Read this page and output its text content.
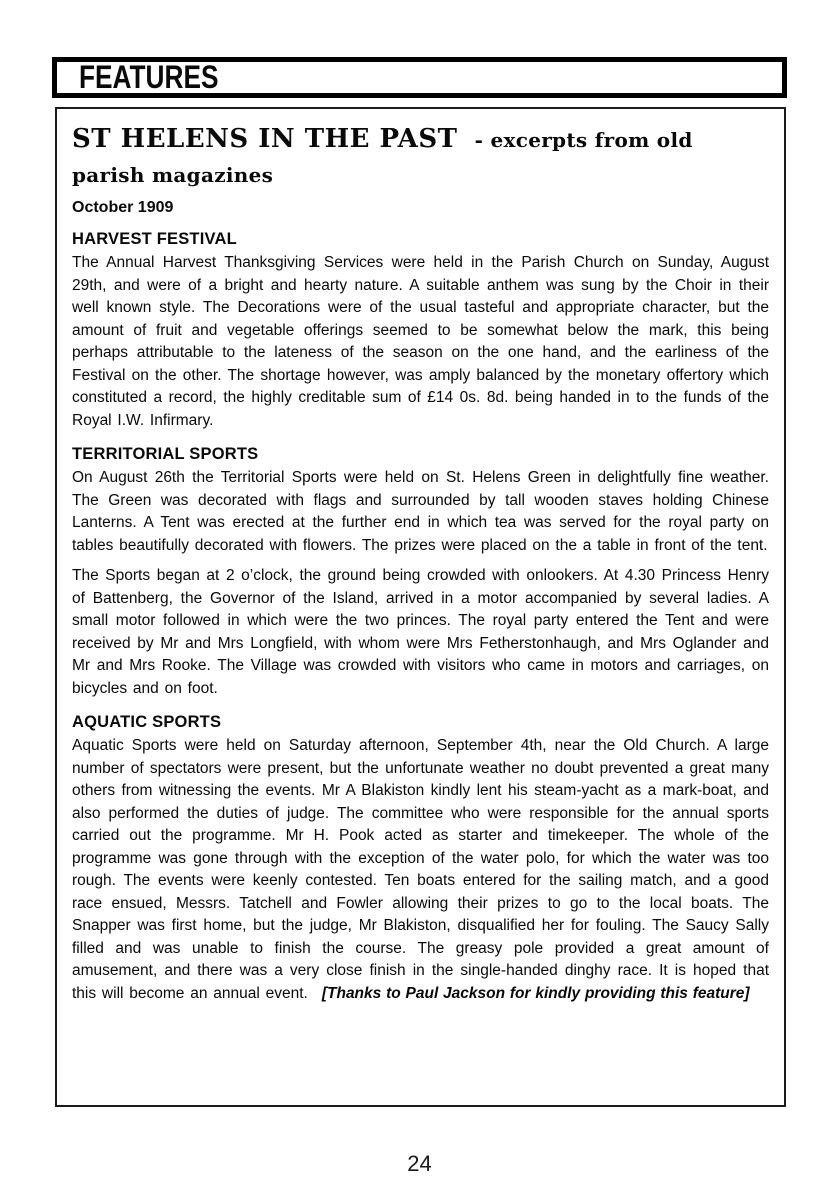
FEATURES
ST HELENS IN THE PAST - excerpts from old parish magazines

October 1909

HARVEST FESTIVAL

The Annual Harvest Thanksgiving Services were held in the Parish Church on Sunday, August 29th, and were of a bright and hearty nature. A suitable anthem was sung by the Choir in their well known style. The Decorations were of the usual tasteful and appropriate character, but the amount of fruit and vegetable offerings seemed to be somewhat below the mark, this being perhaps attributable to the lateness of the season on the one hand, and the earliness of the Festival on the other. The shortage however, was amply balanced by the monetary offertory which constituted a record, the highly creditable sum of £14 0s. 8d. being handed in to the funds of the Royal I.W. Infirmary.

TERRITORIAL SPORTS

On August 26th the Territorial Sports were held on St. Helens Green in delightfully fine weather. The Green was decorated with flags and surrounded by tall wooden staves holding Chinese Lanterns. A Tent was erected at the further end in which tea was served for the royal party on tables beautifully decorated with flowers. The prizes were placed on the a table in front of the tent.

The Sports began at 2 o’clock, the ground being crowded with onlookers. At 4.30 Princess Henry of Battenberg, the Governor of the Island, arrived in a motor accompanied by several ladies. A small motor followed in which were the two princes. The royal party entered the Tent and were received by Mr and Mrs Longfield, with whom were Mrs Fetherstonhaugh, and Mrs Oglander and Mr and Mrs Rooke. The Village was crowded with visitors who came in motors and carriages, on bicycles and on foot.

AQUATIC SPORTS

Aquatic Sports were held on Saturday afternoon, September 4th, near the Old Church. A large number of spectators were present, but the unfortunate weather no doubt prevented a great many others from witnessing the events. Mr A Blakiston kindly lent his steam-yacht as a mark-boat, and also performed the duties of judge. The committee who were responsible for the annual sports carried out the programme. Mr H. Pook acted as starter and timekeeper. The whole of the programme was gone through with the exception of the water polo, for which the water was too rough. The events were keenly contested. Ten boats entered for the sailing match, and a good race ensued, Messrs. Tatchell and Fowler allowing their prizes to go to the local boats. The Snapper was first home, but the judge, Mr Blakiston, disqualified her for fouling. The Saucy Sally filled and was unable to finish the course. The greasy pole provided a great amount of amusement, and there was a very close finish in the single-handed dinghy race. It is hoped that this will become an annual event. [Thanks to Paul Jackson for kindly providing this feature]

24
